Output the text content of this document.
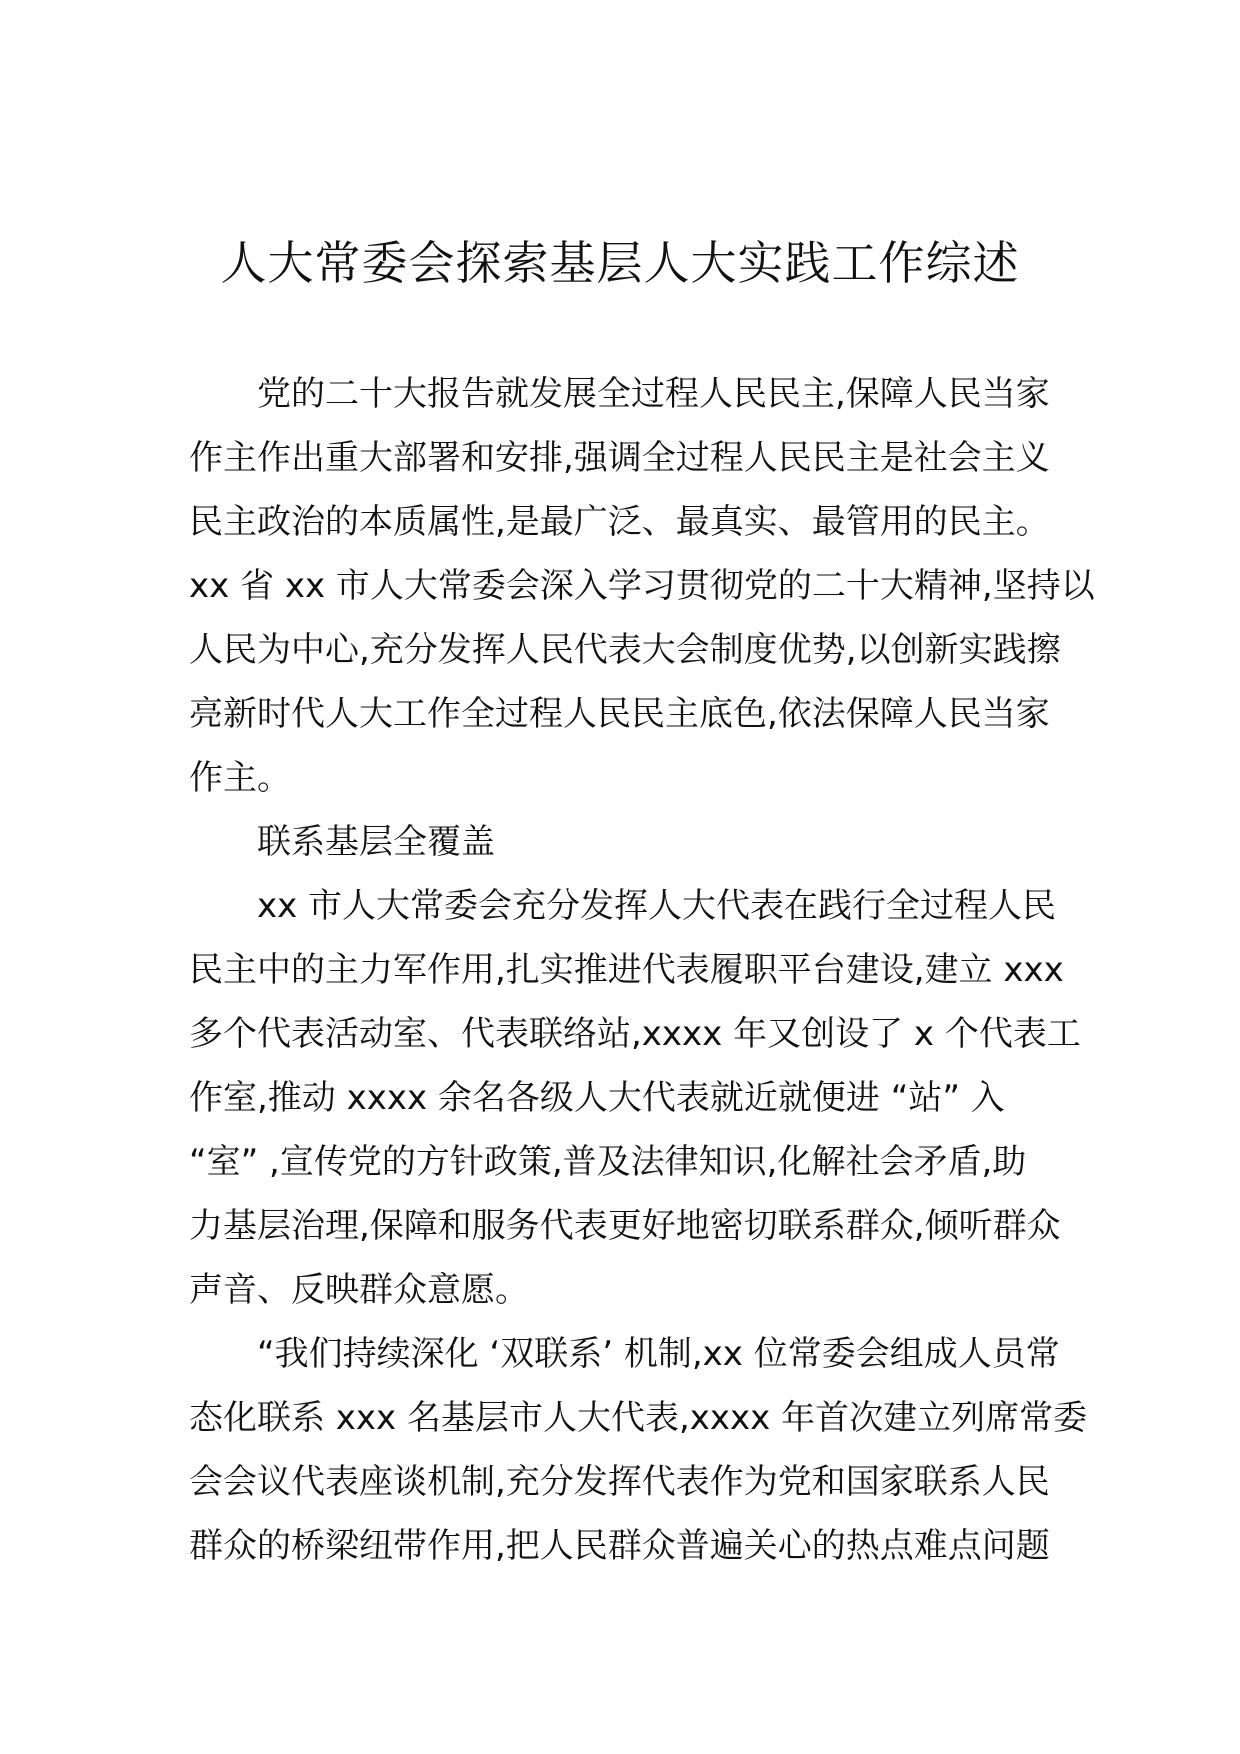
人大常委会探索基层人大实践工作综述
党的二十大报告就发展全过程人民民主,保障人民当家
作主作出重大部署和安排,强调全过程人民民主是社会主义
民主政治的本质属性,是最广泛、最真实、最管用的民主。
xx 省 xx 市人大常委会深入学习贯彻党的二十大精神,坚持以
人民为中心,充分发挥人民代表大会制度优势,以创新实践擦
亮新时代人大工作全过程人民民主底色,依法保障人民当家
作主。
联系基层全覆盖
xx 市人大常委会充分发挥人大代表在践行全过程人民
民主中的主力军作用,扎实推进代表履职平台建设,建立 xxx
多个代表活动室、代表联络站,xxxx 年又创设了 x 个代表工
作室,推动 xxxx 余名各级人大代表就近就便进 “站” 入
“室” ,宣传党的方针政策,普及法律知识,化解社会矛盾,助
力基层治理,保障和服务代表更好地密切联系群众,倾听群众
声音、反映群众意愿。
“我们持续深化 ‘双联系’ 机制,xx 位常委会组成人员常
态化联系 xxx 名基层市人大代表,xxxx 年首次建立列席常委
会会议代表座谈机制,充分发挥代表作为党和国家联系人民
群众的桥梁纽带作用,把人民群众普遍关心的热点难点问题
